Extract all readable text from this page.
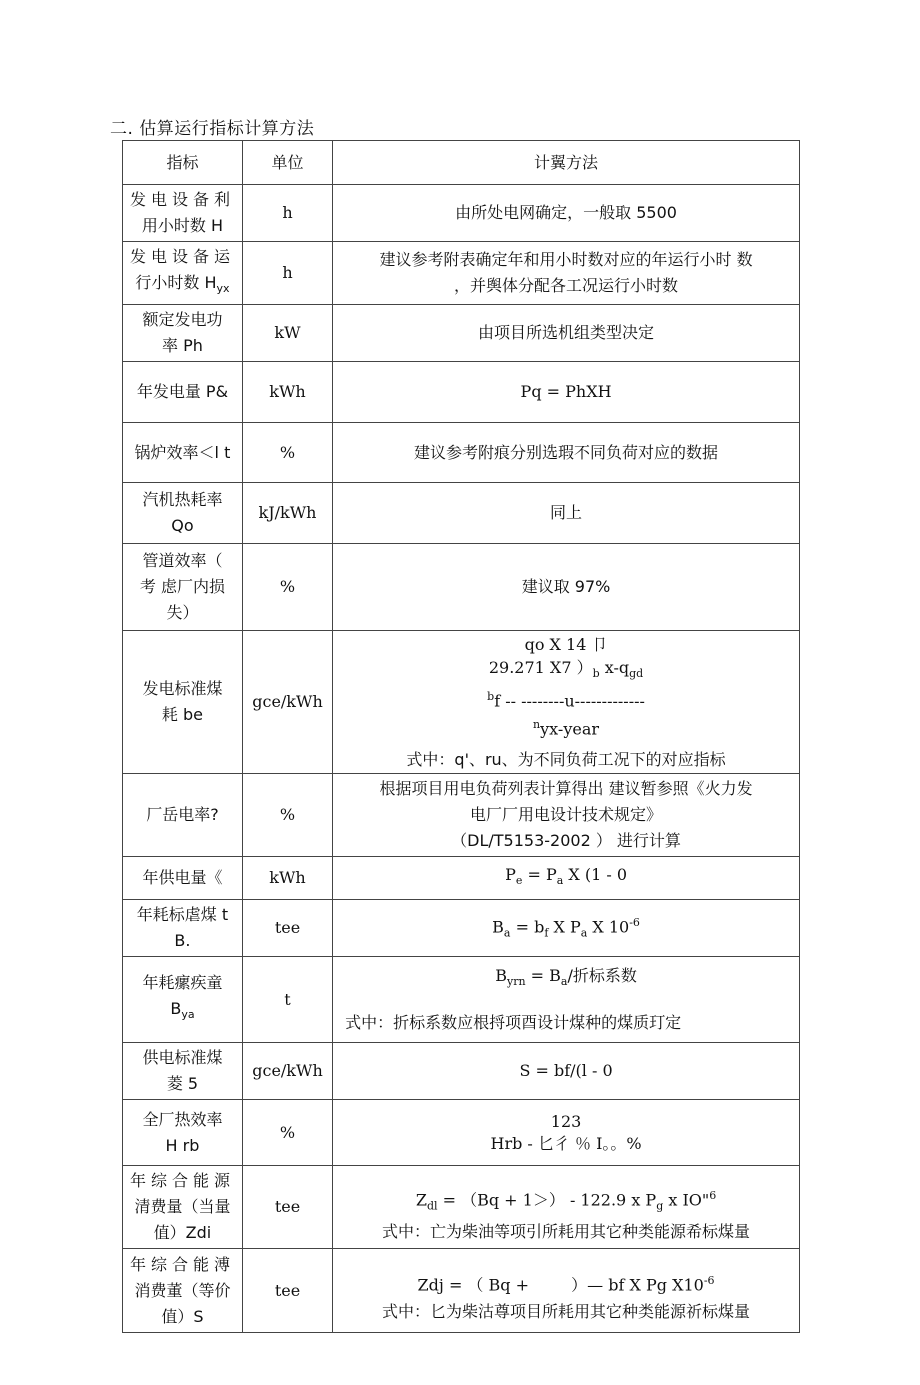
二. 估算运行指标计算方法
指标	单位	计翼方法

发电设备利
用小时数 H	h	由所处电网确定，一般取 5500

发电设备运
行小时数 $H_{yx}$	h	建议参考附表确定年和用小时数对应的年运行小时 数
，并舆体分配各工况运行小时数

额定发电功
率 Ph	kW	由项目所选机组类型决定
年发电量 P&	kWh	Pq = PhXH
锅炉效率＜l t	%	建议参考附痕分别选瑕不同负荷对应的数据

汽机热耗率
Qo	kJ/kWh	同上

管道效率（
考 虑厂内损
失）	%	建议取 97%

发电标准煤
耗 be	gce/kWh	qo X 14 卩
29.271 X7 ）$_b$ $x-q_{gd}$
$^b$f -- --------u-------------
$^n$yx-year
式中：q'、ru、为不同负荷工况下的对应指标

厂岳电率?	%	根据项目用电负荷列表计算得出 建议暂参照《火力发
电厂厂用电设计技术规定》
（DL/T5153-2002 ） 进行计算

年供电量《	kWh	$P_e = P_a$ X (1 - 0

年耗标虐煤 t
B.	tee	$B_a = b_f$ X $P_a$ X $10^{-6}$

年耗瘰疾童
$B_{ya}$	t	$B_{yrn} = B_a/$折标系数
式中：折标系数应根捋项酉设计煤种的煤质玎定

供电标准煤
菱 5	gce/kWh	S = bf/(l - 0

全厂热效率
H rb	%	123
Hrb - 匕彳 ％ I。。%

年综合能源
清费量（当量
值）Zdi	tee	$Z_{dl} = (Bq + 1>) - 122.9$ x $P_g$ x IO"$^6$
式中：亡为柴油等项引所耗用其它种类能源希标煤量

年综合能溥
消费董（等价
值）S	tee	Zdj = （ Bq + 　　 ）— bf X Pg $X10^{-6}$
式中：匕为柴沽尊项目所耗用其它种类能源祈标煤量
